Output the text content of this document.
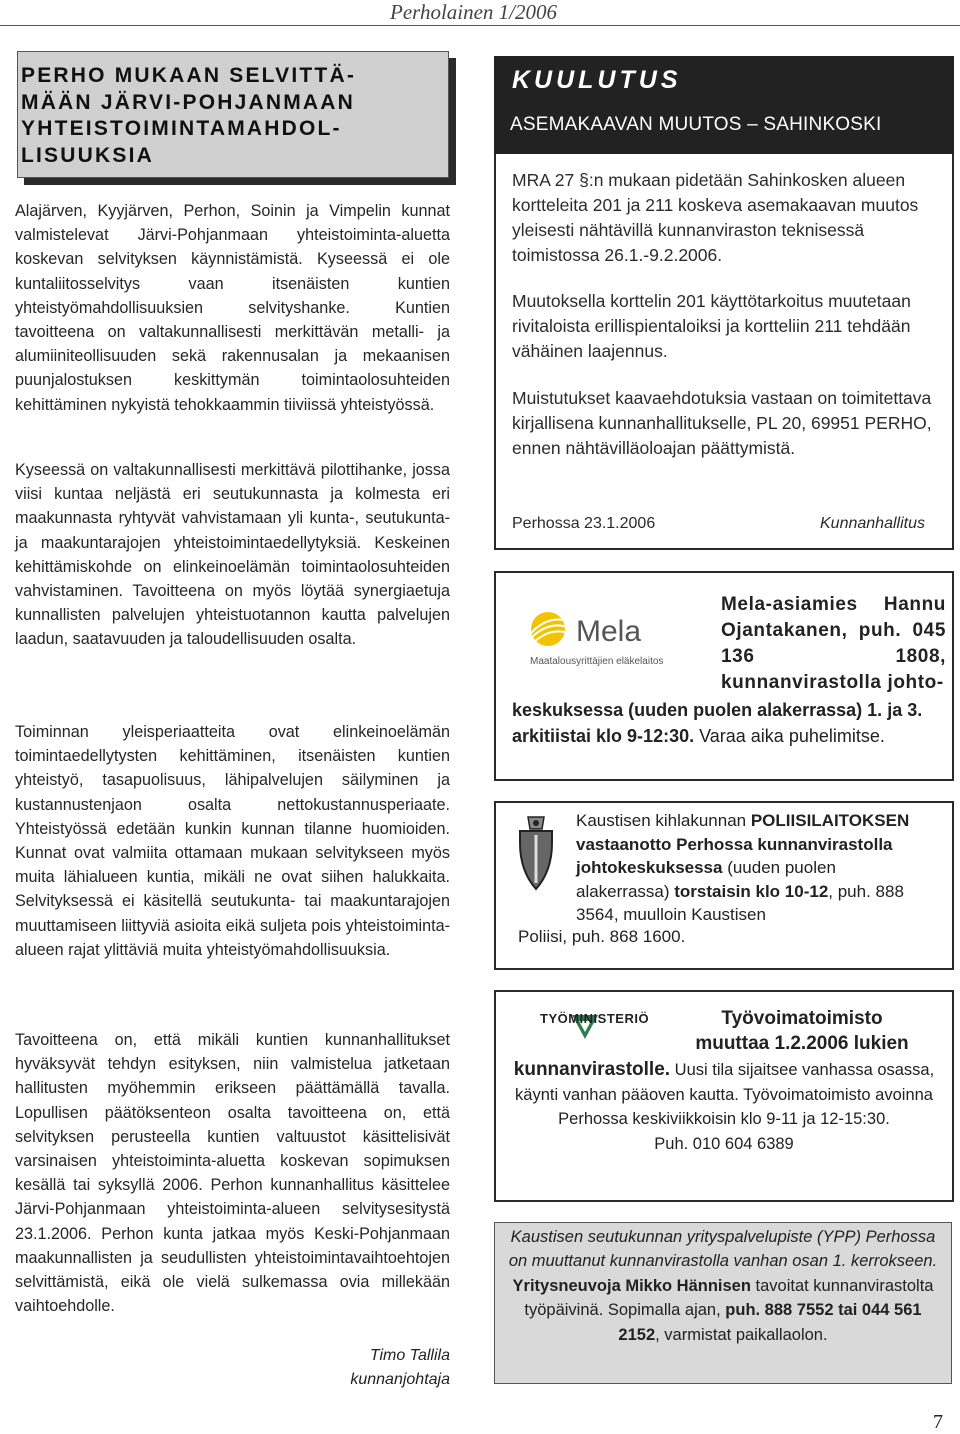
Perholainen 1/2006
PERHO MUKAAN SELVITTÄ-
MÄÄN JÄRVI-POHJANMAAN
YHTEISTOIMINTAMAHDOL-
LISUUKSIA

Alajärven, Kyyjärven, Perhon, Soinin ja Vimpelin kunnat valmistelevat Järvi-Pohjanmaan yhteistoiminta-aluetta koskevan selvityksen käynnistämistä. Kyseessä ei ole kuntaliitosselvitys vaan itsenäisten kuntien yhteistyömahdollisuuksien selvityshanke. Kuntien tavoitteena on valtakunnallisesti merkittävän metalli- ja alumiiniteollisuuden sekä rakennusalan ja mekaanisen puunjalostuksen keskittymän toimintaolosuhteiden kehittäminen nykyistä tehokkaammin tiiviissä yhteistyössä.

Kyseessä on valtakunnallisesti merkittävä pilottihanke, jossa viisi kuntaa neljästä eri seutukunnasta ja kolmesta eri maakunnasta ryhtyvät vahvistamaan yli kunta-, seutukunta- ja maakuntarajojen yhteistoimintaedellytyksiä. Keskeinen kehittämiskohde on elinkeinoelämän toimintaolosuhteiden vahvistaminen. Tavoitteena on myös löytää synergiaetuja kunnallisten palvelujen yhteistuotannon kautta palvelujen laadun, saatavuuden ja taloudellisuuden osalta.

Toiminnan yleisperiaatteita ovat elinkeinoelämän toimintaedellytysten kehittäminen, itsenäisten kuntien yhteistyö, tasapuolisuus, lähipalvelujen säilyminen ja kustannustenjaon osalta nettokustannusperiaate. Yhteistyössä edetään kunkin kunnan tilanne huomioiden. Kunnat ovat valmiita ottamaan mukaan selvitykseen myös muita lähialueen kuntia, mikäli ne ovat siihen halukkaita. Selvityksessä ei käsitellä seutukunta- tai maakuntarajojen muuttamiseen liittyviä asioita eikä suljeta pois yhteistoiminta-alueen rajat ylittäviä muita yhteistyömahdollisuuksia.

Tavoitteena on, että mikäli kuntien kunnanhallitukset hyväksyvät tehdyn esityksen, niin valmistelua jatketaan hallitusten myöhemmin erikseen päättämällä tavalla. Lopullisen päätöksenteon osalta tavoitteena on, että selvityksen perusteella kuntien valtuustot käsittelisivät varsinaisen yhteistoiminta-aluetta koskevan sopimuksen kesällä tai syksyllä 2006. Perhon kunnanhallitus käsittelee Järvi-Pohjanmaan yhteistoiminta-alueen selvitysesitystä 23.1.2006. Perhon kunta jatkaa myös Keski-Pohjanmaan maakunnallisten ja seudullisten yhteistoimintavaihtoehtojen selvittämistä, eikä ole vielä sulkemassa ovia millekään vaihtoehdolle.

Timo Tallila
kunnanjohtaja
KUULUTUS
ASEMAKAAVAN MUUTOS – SAHINKOSKI
MRA 27 §:n mukaan pidetään Sahinkosken alueen kortteleita 201 ja 211 koskeva asemakaavan muutos yleisesti nähtävillä kunnanviraston teknisessä toimistossa 26.1.-9.2.2006.
Muutoksella korttelin 201 käyttötarkoitus muutetaan rivitaloista erillispientaloiksi ja kortteliin 211 tehdään vähäinen laajennus.
Muistutukset kaavaehdotuksia vastaan on toimitettava kirjallisena kunnanhallitukselle, PL 20, 69951 PERHO, ennen nähtävilläoloajan päättymistä.
Perhossa 23.1.2006	Kunnanhallitus
Mela
Maatalousyrittäjien eläkelaitos
Mela-asiamies Hannu Ojantakanen, puh. 045 136 1808, kunnanvirastolla johto-
keskuksessa (uuden puolen alakerrassa) 1. ja 3. arkitiistai klo 9-12:30. Varaa aika puhelimitse.
Kaustisen kihlakunnan POLIISILAITOKSEN vastaanotto Perhossa kunnanvirastolla johtokeskuksessa (uuden puolen alakerrassa) torstaisin klo 10-12, puh. 888 3564, muulloin Kaustisen
Poliisi, puh. 868 1600.
TYÖMINISTERIÖ	Työvoimatoimisto muuttaa 1.2.2006 lukien
kunnanvirastolle. Uusi tila sijaitsee vanhassa osassa, käynti vanhan pääoven kautta. Työvoimatoimisto avoinna Perhossa keskiviikkoisin klo 9-11 ja 12-15:30.
Puh. 010 604 6389
Kaustisen seutukunnan yrityspalvelupiste (YPP) Perhossa on muuttanut kunnanvirastolla vanhan osan 1. kerrokseen.
Yritysneuvoja Mikko Hännisen tavoitat kunnanvirastolta työpäivinä. Sopimalla ajan, puh. 888 7552 tai 044 561 2152, varmistat paikallaolon.
7
